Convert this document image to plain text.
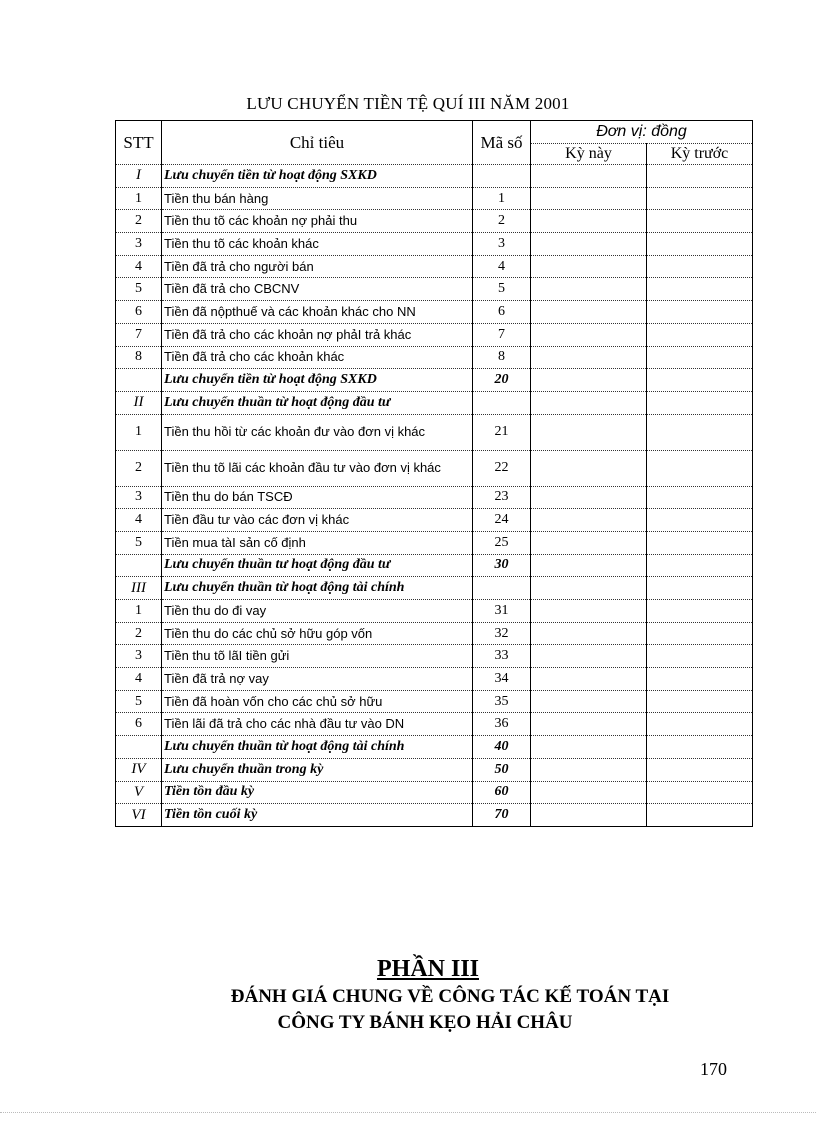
LƯU CHUYỂN TIỀN TỆ QUÍ III NĂM 2001
STT	Chỉ tiêu	Mã số	Đơn vị: đồng	
			Kỳ này	Kỳ trước
I	Lưu chuyển tiền từ hoạt động SXKD			
1	Tiền thu bán hàng	1		
2	Tiền thu tõ các khoản nợ phải thu	2		
3	Tiền thu tõ các khoản khác	3		
4	Tiền đã trả cho người bán	4		
5	Tiền đã trả cho CBCNV	5		
6	Tiền đã nộpthuế và các khoản khác cho NN	6		
7	Tiền đã trả cho các khoản nợ phảI trả khác	7		
8	Tiền đã trả cho các khoản khác	8		
	Lưu chuyển tiền từ hoạt động SXKD	20		
II	Lưu chuyển thuần từ hoạt động đầu tư			
1	Tiền thu hồi từ các khoản đư vào đơn vị khác	21		
2	Tiền thu tõ lãi các khoản đầu tư vào đơn vị khác	22		
3	Tiền thu do bán TSCĐ	23		
4	Tiền đầu tư vào các đơn vị khác	24		
5	Tiền mua tàI sản cố định	25		
	Lưu chuyển thuần tư hoạt động đầu tư	30		
III	Lưu chuyển thuần từ hoạt động tài chính			
1	Tiền thu do đi vay	31		
2	Tiền thu do các chủ sở hữu góp vốn	32		
3	Tiền thu tõ lãI tiền gửi	33		
4	Tiền đã trả nợ vay	34		
5	Tiền đã hoàn vốn cho các chủ sở hữu	35		
6	Tiền lãi đã trả cho các nhà đầu tư vào DN	36		
	Lưu chuyển thuần từ hoạt động tài chính	40		
IV	Lưu chuyển thuần trong kỳ	50		
V	Tiền tồn đầu kỳ	60		
VI	Tiền tồn cuối kỳ	70		
PHẦN III
ĐÁNH GIÁ CHUNG VỀ CÔNG TÁC KẾ TOÁN TẠI
CÔNG TY BÁNH KẸO HẢI CHÂU
170
